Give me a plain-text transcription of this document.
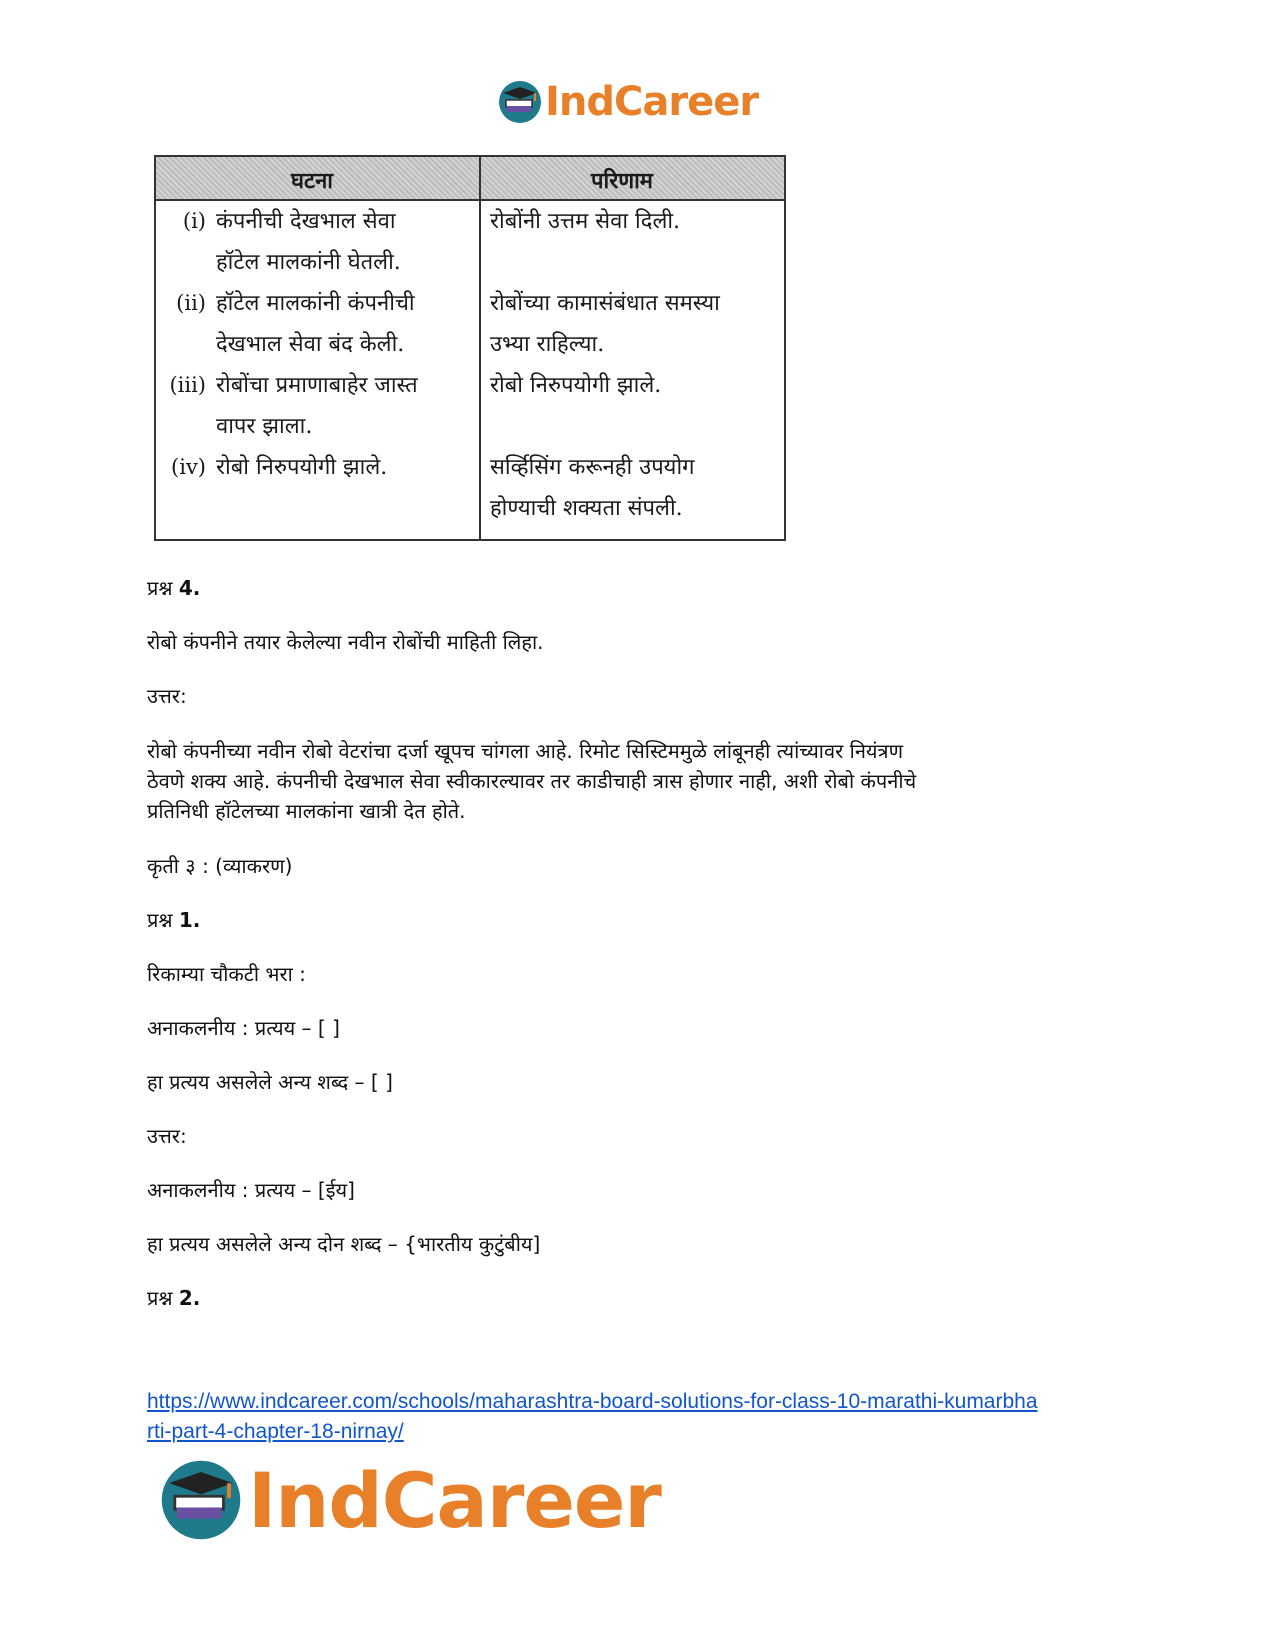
IndCareer
घटना	परिणाम
(i) कंपनीची देखभाल सेवा
हॉटेल मालकांनी घेतली.
रोबोंनी उत्तम सेवा दिली.
(ii) हॉटेल मालकांनी कंपनीची
देखभाल सेवा बंद केली.
रोबोंच्या कामासंबंधात समस्या
उभ्या राहिल्या.
(iii) रोबोंचा प्रमाणाबाहेर जास्त
वापर झाला.
रोबो निरुपयोगी झाले.
(iv) रोबो निरुपयोगी झाले.	सर्व्हिसिंग करूनही उपयोग
होण्याची शक्यता संपली.
प्रश्न 4.
रोबो कंपनीने तयार केलेल्या नवीन रोबोंची माहिती लिहा.
उत्तर:
रोबो कंपनीच्या नवीन रोबो वेटरांचा दर्जा खूपच चांगला आहे. रिमोट सिस्टिममुळे लांबूनही त्यांच्यावर नियंत्रण
ठेवणे शक्य आहे. कंपनीची देखभाल सेवा स्वीकारल्यावर तर काडीचाही त्रास होणार नाही, अशी रोबो कंपनीचे
प्रतिनिधी हॉटेलच्या मालकांना खात्री देत होते.
कृती ३ : (व्याकरण)
प्रश्न 1.
रिकाम्या चौकटी भरा :
अनाकलनीय : प्रत्यय – [ ]
हा प्रत्यय असलेले अन्य शब्द – [ ]
उत्तर:
अनाकलनीय : प्रत्यय – [ईय]
हा प्रत्यय असलेले अन्य दोन शब्द – {भारतीय कुटुंबीय]
प्रश्न 2.
https://www.indcareer.com/schools/maharashtra-board-solutions-for-class-10-marathi-kumarbha
rti-part-4-chapter-18-nirnay/
IndCareer
